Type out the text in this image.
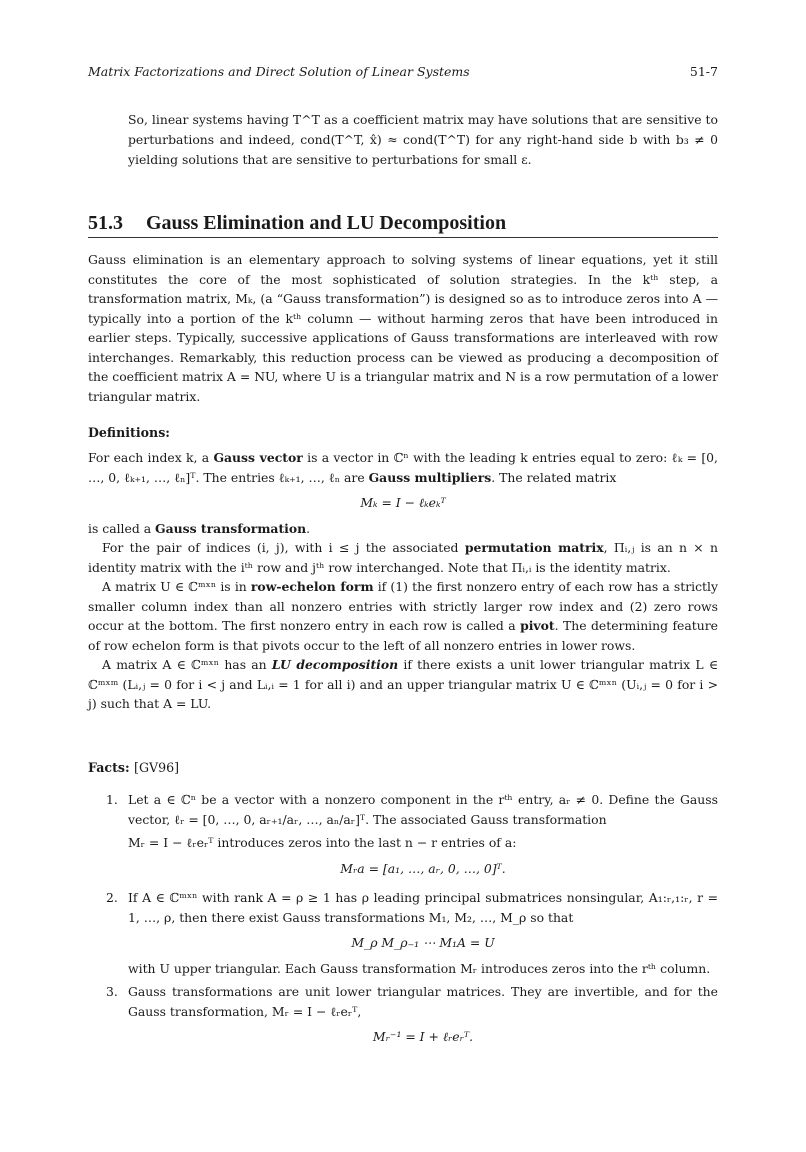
Matrix Factorizations and Direct Solution of Linear Systems	51-7
So, linear systems having T^T as a coefficient matrix may have solutions that are sensitive to perturbations and indeed, cond(T^T, x̂) ≈ cond(T^T) for any right-hand side b with b₃ ≠ 0 yielding solutions that are sensitive to perturbations for small ε.
51.3 Gauss Elimination and LU Decomposition
Gauss elimination is an elementary approach to solving systems of linear equations, yet it still constitutes the core of the most sophisticated of solution strategies. In the kᵗʰ step, a transformation matrix, Mₖ, (a “Gauss transformation”) is designed so as to introduce zeros into A — typically into a portion of the kᵗʰ column — without harming zeros that have been introduced in earlier steps. Typically, successive applications of Gauss transformations are interleaved with row interchanges. Remarkably, this reduction process can be viewed as producing a decomposition of the coefficient matrix A = NU, where U is a triangular matrix and N is a row permutation of a lower triangular matrix.
Definitions:
For each index k, a Gauss vector is a vector in ℂⁿ with the leading k entries equal to zero: ℓₖ = [0, …, 0, ℓₖ₊₁, …, ℓₙ]ᵀ. The entries ℓₖ₊₁, …, ℓₙ are Gauss multipliers. The related matrix
Mₖ = I − ℓₖeₖᵀ
is called a Gauss transformation.
For the pair of indices (i, j), with i ≤ j the associated permutation matrix, Πᵢ,ⱼ is an n × n identity matrix with the iᵗʰ row and jᵗʰ row interchanged. Note that Πᵢ,ᵢ is the identity matrix.
A matrix U ∈ ℂᵐˣⁿ is in row-echelon form if (1) the first nonzero entry of each row has a strictly smaller column index than all nonzero entries with strictly larger row index and (2) zero rows occur at the bottom. The first nonzero entry in each row is called a pivot. The determining feature of row echelon form is that pivots occur to the left of all nonzero entries in lower rows.
A matrix A ∈ ℂᵐˣⁿ has an LU decomposition if there exists a unit lower triangular matrix L ∈ ℂᵐˣᵐ (Lᵢ,ⱼ = 0 for i < j and Lᵢ,ᵢ = 1 for all i) and an upper triangular matrix U ∈ ℂᵐˣⁿ (Uᵢ,ⱼ = 0 for i > j) such that A = LU.
Facts: [GV96]
1. Let a ∈ ℂⁿ be a vector with a nonzero component in the rᵗʰ entry, aᵣ ≠ 0. Define the Gauss vector, ℓᵣ = [0, …, 0, aᵣ₊₁/aᵣ, …, aₙ/aᵣ]ᵀ. The associated Gauss transformation
Mᵣ = I − ℓᵣeᵣᵀ introduces zeros into the last n − r entries of a:
Mᵣa = [a₁, …, aᵣ, 0, …, 0]ᵀ.
2. If A ∈ ℂᵐˣⁿ with rank A = ρ ≥ 1 has ρ leading principal submatrices nonsingular, A₁:ᵣ,₁:ᵣ, r = 1, …, ρ, then there exist Gauss transformations M₁, M₂, …, M_ρ so that
M_ρ M_ρ₋₁ ⋯ M₁A = U
with U upper triangular. Each Gauss transformation Mᵣ introduces zeros into the rᵗʰ column.
3. Gauss transformations are unit lower triangular matrices. They are invertible, and for the Gauss transformation, Mᵣ = I − ℓᵣeᵣᵀ,
Mᵣ⁻¹ = I + ℓᵣeᵣᵀ.
